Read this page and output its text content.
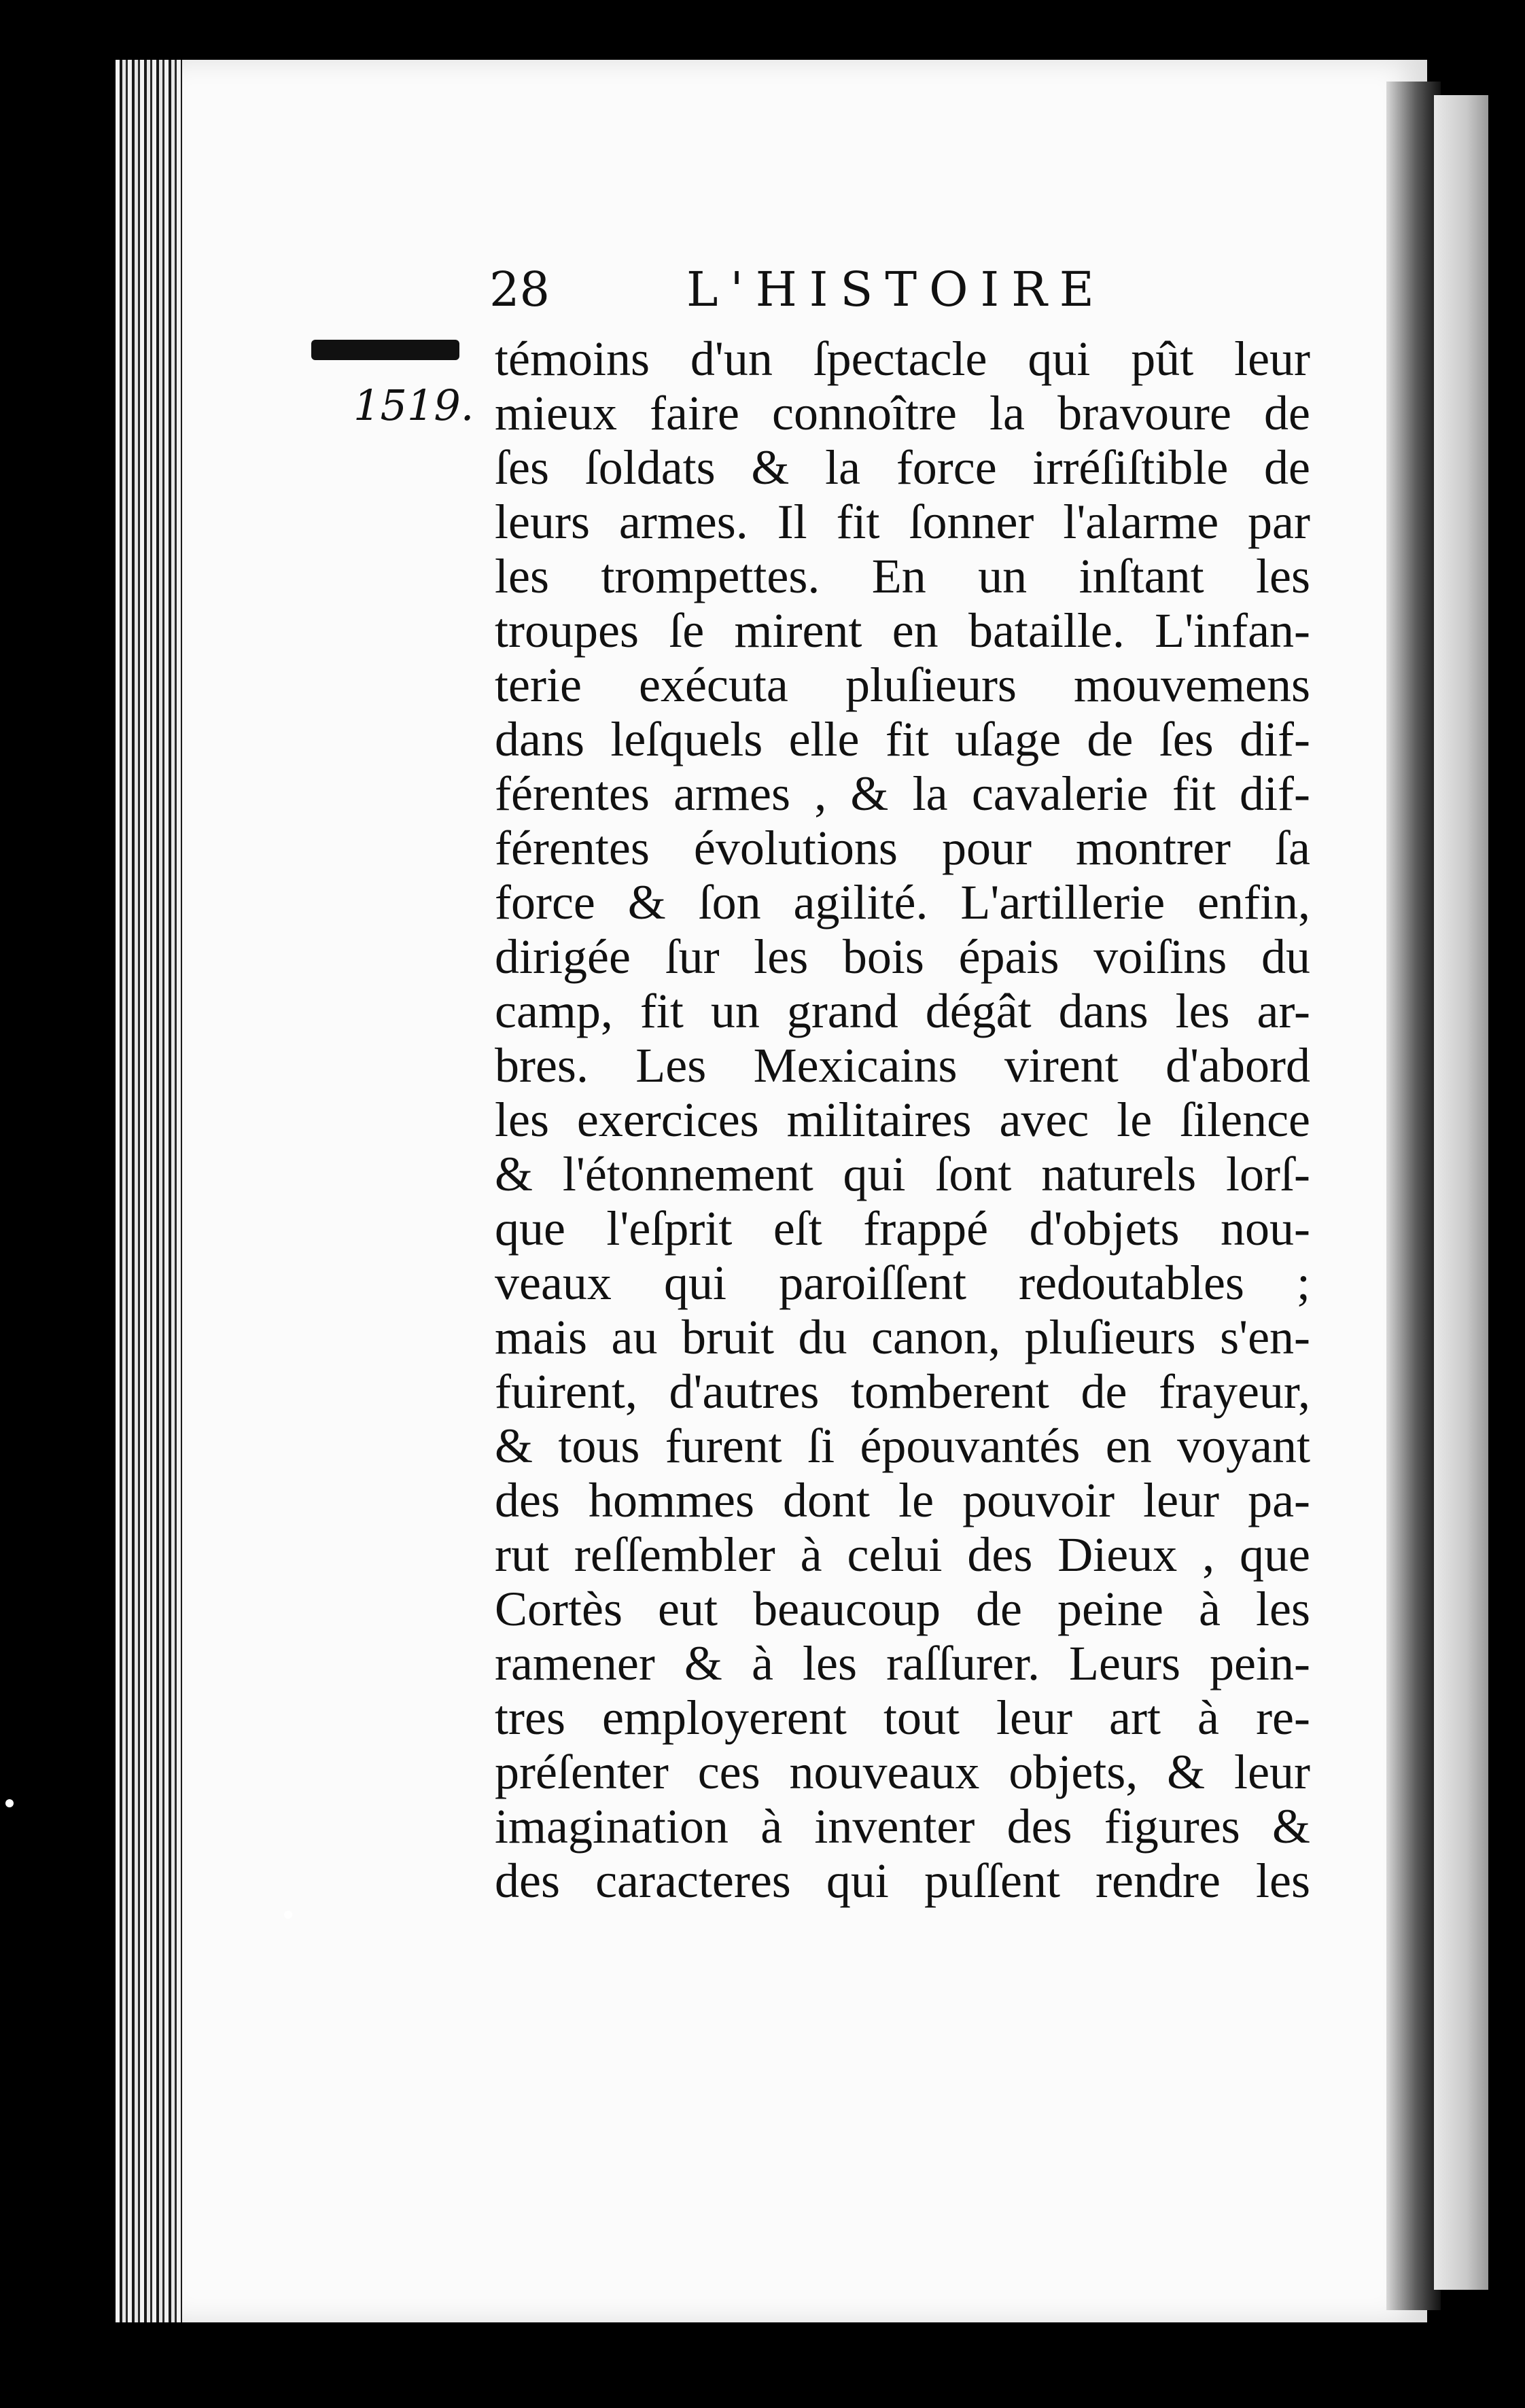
28	L'HISTOIRE
1519.
témoins d'un ſpectacle qui pût leur
mieux faire connoître la bravoure de
ſes ſoldats & la force irréſiſtible de
leurs armes. Il fit ſonner l'alarme par
les trompettes. En un inſtant les
troupes ſe mirent en bataille. L'infan-
terie exécuta pluſieurs mouvemens
dans leſquels elle fit uſage de ſes dif-
férentes armes , & la cavalerie fit dif-
férentes évolutions pour montrer ſa
force & ſon agilité. L'artillerie enfin,
dirigée ſur les bois épais voiſins du
camp, fit un grand dégât dans les ar-
bres. Les Mexicains virent d'abord
les exercices militaires avec le ſilence
& l'étonnement qui ſont naturels lorſ-
que l'eſprit eſt frappé d'objets nou-
veaux qui paroiſſent redoutables ;
mais au bruit du canon, pluſieurs s'en-
fuirent, d'autres tomberent de frayeur,
& tous furent ſi épouvantés en voyant
des hommes dont le pouvoir leur pa-
rut reſſembler à celui des Dieux , que
Cortès eut beaucoup de peine à les
ramener & à les raſſurer. Leurs pein-
tres employerent tout leur art à re-
préſenter ces nouveaux objets, & leur
imagination à inventer des figures &
des caracteres qui puſſent rendre les
